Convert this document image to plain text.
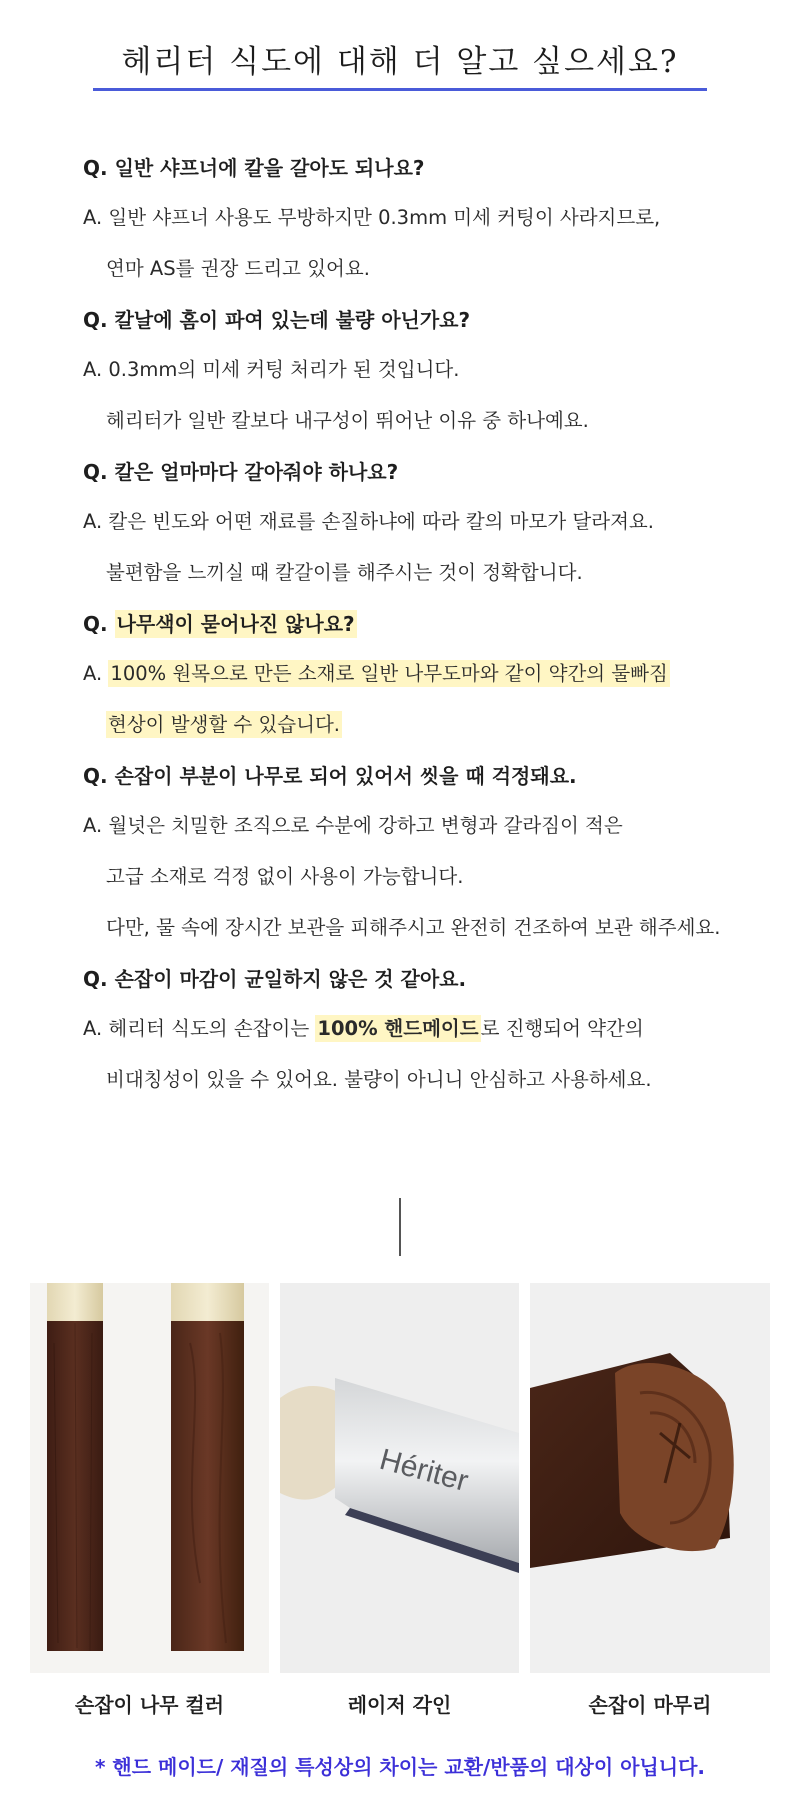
헤리터 식도에 대해 더 알고 싶으세요?

Q. 일반 샤프너에 칼을 갈아도 되나요?

A. 일반 샤프너 사용도 무방하지만 0.3mm 미세 커팅이 사라지므로,

연마 AS를 권장 드리고 있어요.

Q. 칼날에 홈이 파여 있는데 불량 아닌가요?

A. 0.3mm의 미세 커팅 처리가 된 것입니다.

헤리터가 일반 칼보다 내구성이 뛰어난 이유 중 하나예요.

Q. 칼은 얼마마다 갈아줘야 하나요?

A. 칼은 빈도와 어떤 재료를 손질하냐에 따라 칼의 마모가 달라져요.

불편함을 느끼실 때 칼갈이를 해주시는 것이 정확합니다.

Q. 나무색이 묻어나진 않나요?

A. 100% 원목으로 만든 소재로 일반 나무도마와 같이 약간의 물빠짐

현상이 발생할 수 있습니다.

Q. 손잡이 부분이 나무로 되어 있어서 씻을 때 걱정돼요.

A. 월넛은 치밀한 조직으로 수분에 강하고 변형과 갈라짐이 적은

고급 소재로 걱정 없이 사용이 가능합니다.

다만, 물 속에 장시간 보관을 피해주시고 완전히 건조하여 보관 해주세요.

Q. 손잡이 마감이 균일하지 않은 것 같아요.

A. 헤리터 식도의 손잡이는 100% 핸드메이드 로 진행되어 약간의

비대칭성이 있을 수 있어요. 불량이 아니니 안심하고 사용하세요.

Hériter
손잡이 나무 컬러	레이저 각인	손잡이 마무리
* 핸드 메이드/ 재질의 특성상의 차이는 교환/반품의 대상이 아닙니다.
